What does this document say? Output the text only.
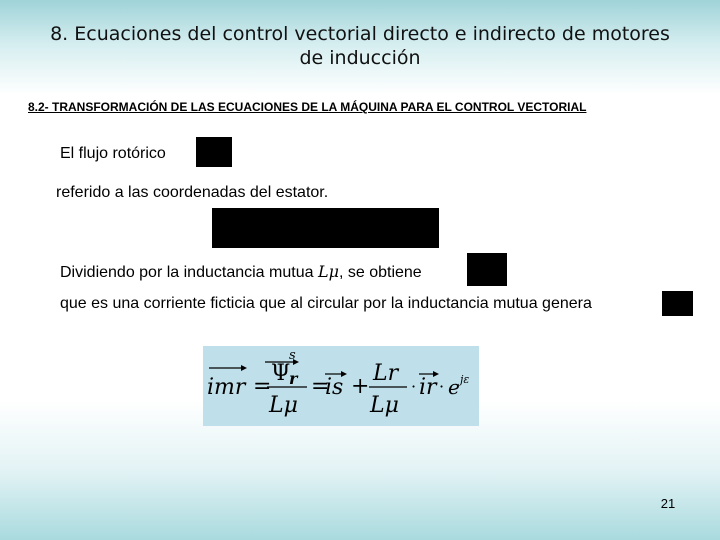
8. Ecuaciones del control vectorial directo e indirecto de motores de inducción
8.2- TRANSFORMACIÓN DE LAS ECUACIONES DE LA MÁQUINA PARA EL CONTROL VECTORIAL
El flujo rotórico
referido a las coordenadas del estator.
Dividiendo por la inductancia mutua Lμ, se obtiene
que es una corriente ficticia que al circular por la inductancia mutua genera
imr =
s
Ψ
r
Lμ
=
is +
Lr
Lμ
· ir · e jε
21
